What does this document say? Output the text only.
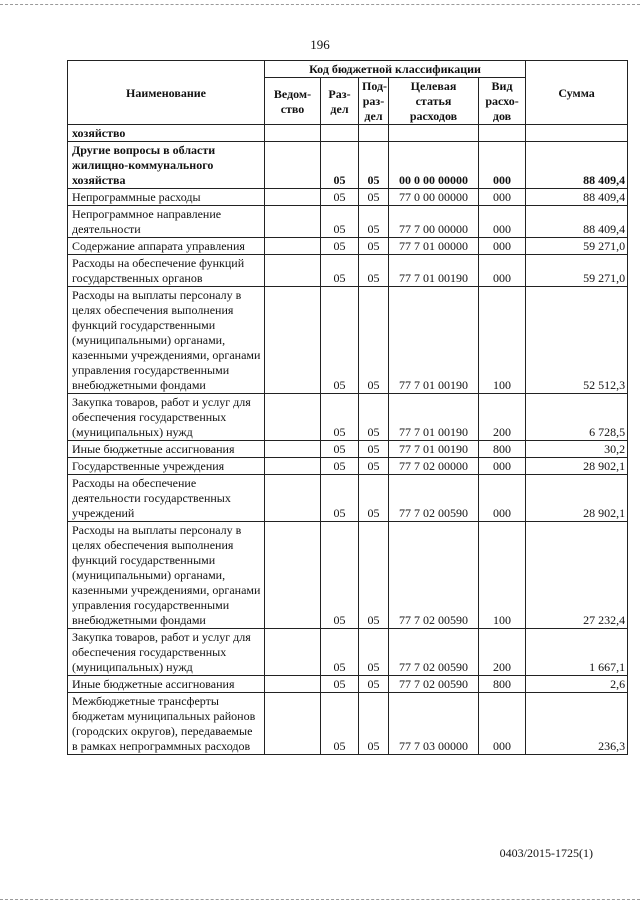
196
Наименование	Код бюджетной классификации					Сумма
	Ведом-ство	Раз-дел	Под-раз-дел	Целевая статья расходов	Вид расхо-дов	
хозяйство						
Другие вопросы в области жилищно-коммунального хозяйства		05	05	00 0 00 00000	000	88 409,4
Непрограммные расходы		05	05	77 0 00 00000	000	88 409,4
Непрограммное направление деятельности		05	05	77 7 00 00000	000	88 409,4
Содержание аппарата управления		05	05	77 7 01 00000	000	59 271,0
Расходы на обеспечение функций государственных органов		05	05	77 7 01 00190	000	59 271,0
Расходы на выплаты персоналу в целях обеспечения выполнения функций государственными (муниципальными) органами, казенными учреждениями, органами управления государственными внебюджетными фондами		05	05	77 7 01 00190	100	52 512,3
Закупка товаров, работ и услуг для обеспечения государственных (муниципальных) нужд		05	05	77 7 01 00190	200	6 728,5
Иные бюджетные ассигнования		05	05	77 7 01 00190	800	30,2
Государственные учреждения		05	05	77 7 02 00000	000	28 902,1
Расходы на обеспечение деятельности государственных учреждений		05	05	77 7 02 00590	000	28 902,1
Расходы на выплаты персоналу в целях обеспечения выполнения функций государственными (муниципальными) органами, казенными учреждениями, органами управления государственными внебюджетными фондами		05	05	77 7 02 00590	100	27 232,4
Закупка товаров, работ и услуг для обеспечения государственных (муниципальных) нужд		05	05	77 7 02 00590	200	1 667,1
Иные бюджетные ассигнования		05	05	77 7 02 00590	800	2,6
Межбюджетные трансферты бюджетам муниципальных районов (городских округов), передаваемые в рамках непрограммных расходов		05	05	77 7 03 00000	000	236,3
0403/2015-1725(1)
